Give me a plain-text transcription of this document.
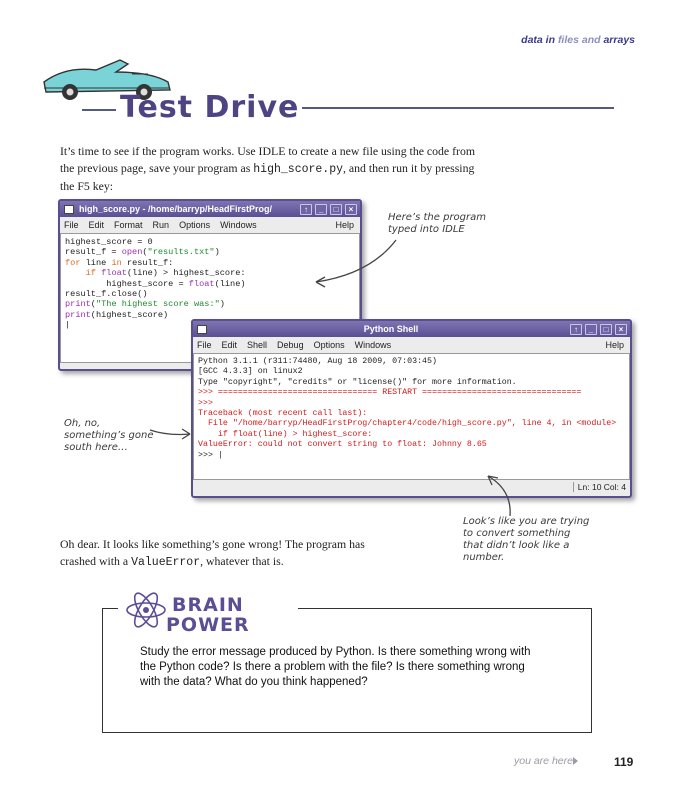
data in files and arrays
Test Drive
It’s time to see if the program works. Use IDLE to create a new file using the code from the previous page, save your program as high_score.py, and then run it by pressing the F5 key:
high_score.py - /home/barryp/HeadFirstProg/	↑	_	□	×
File Edit Format Run Options Windows	Help
highest_score = 0
result_f = open("results.txt")
for line in result_f:
if float(line) > highest_score:
highest_score = float(line)
result_f.close()
print("The highest score was:")
print(highest_score)
|
Here’s the program typed into IDLE
Python Shell	↑	_	□	×
File Edit Shell Debug Options Windows	Help
Python 3.1.1 (r311:74480, Aug 18 2009, 07:03:45)
[GCC 4.3.3] on linux2
Type "copyright", "credits" or "license()" for more information.
>>> ================================ RESTART ================================
>>>
Traceback (most recent call last):
File "/home/barryp/HeadFirstProg/chapter4/code/high_score.py", line 4, in <module>
if float(line) > highest_score:
ValueError: could not convert string to float: Johnny 8.65
>>> |
Ln: 10 Col: 4
Oh, no, something’s gone south here…
Look’s like you are trying to convert something that didn’t look like a number.
Oh dear. It looks like something’s gone wrong! The program has crashed with a ValueError, whatever that is.
BRAIN
POWER
Study the error message produced by Python. Is there something wrong with the Python code? Is there a problem with the file? Is there something wrong with the data? What do you think happened?
you are here	119
